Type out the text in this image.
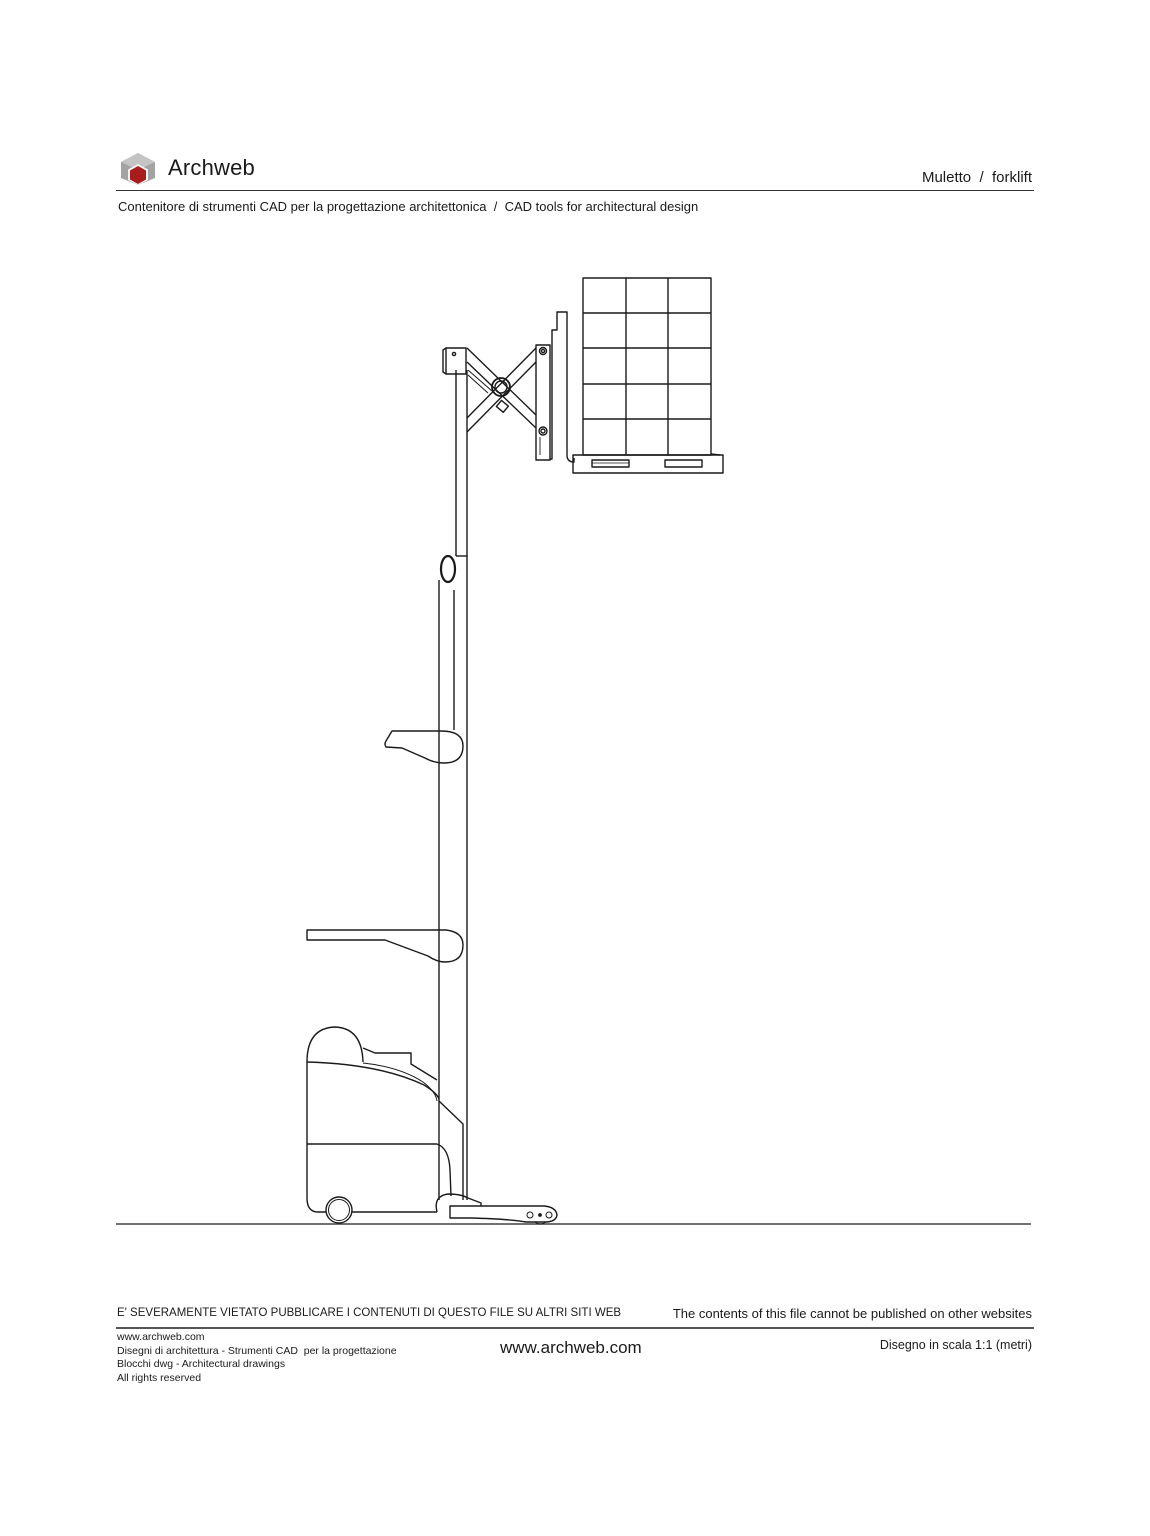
Archweb	Muletto  /  forklift
Contenitore di strumenti CAD per la progettazione architettonica  /  CAD tools for architectural design
E' SEVERAMENTE VIETATO PUBBLICARE I CONTENUTI DI QUESTO FILE SU ALTRI SITI WEB	The contents of this file cannot be published on other websites
www.archweb.com
Disegni di architettura - Strumenti CAD  per la progettazione
Blocchi dwg - Architectural drawings
All rights reserved
www.archweb.com	Disegno in scala 1:1 (metri)
